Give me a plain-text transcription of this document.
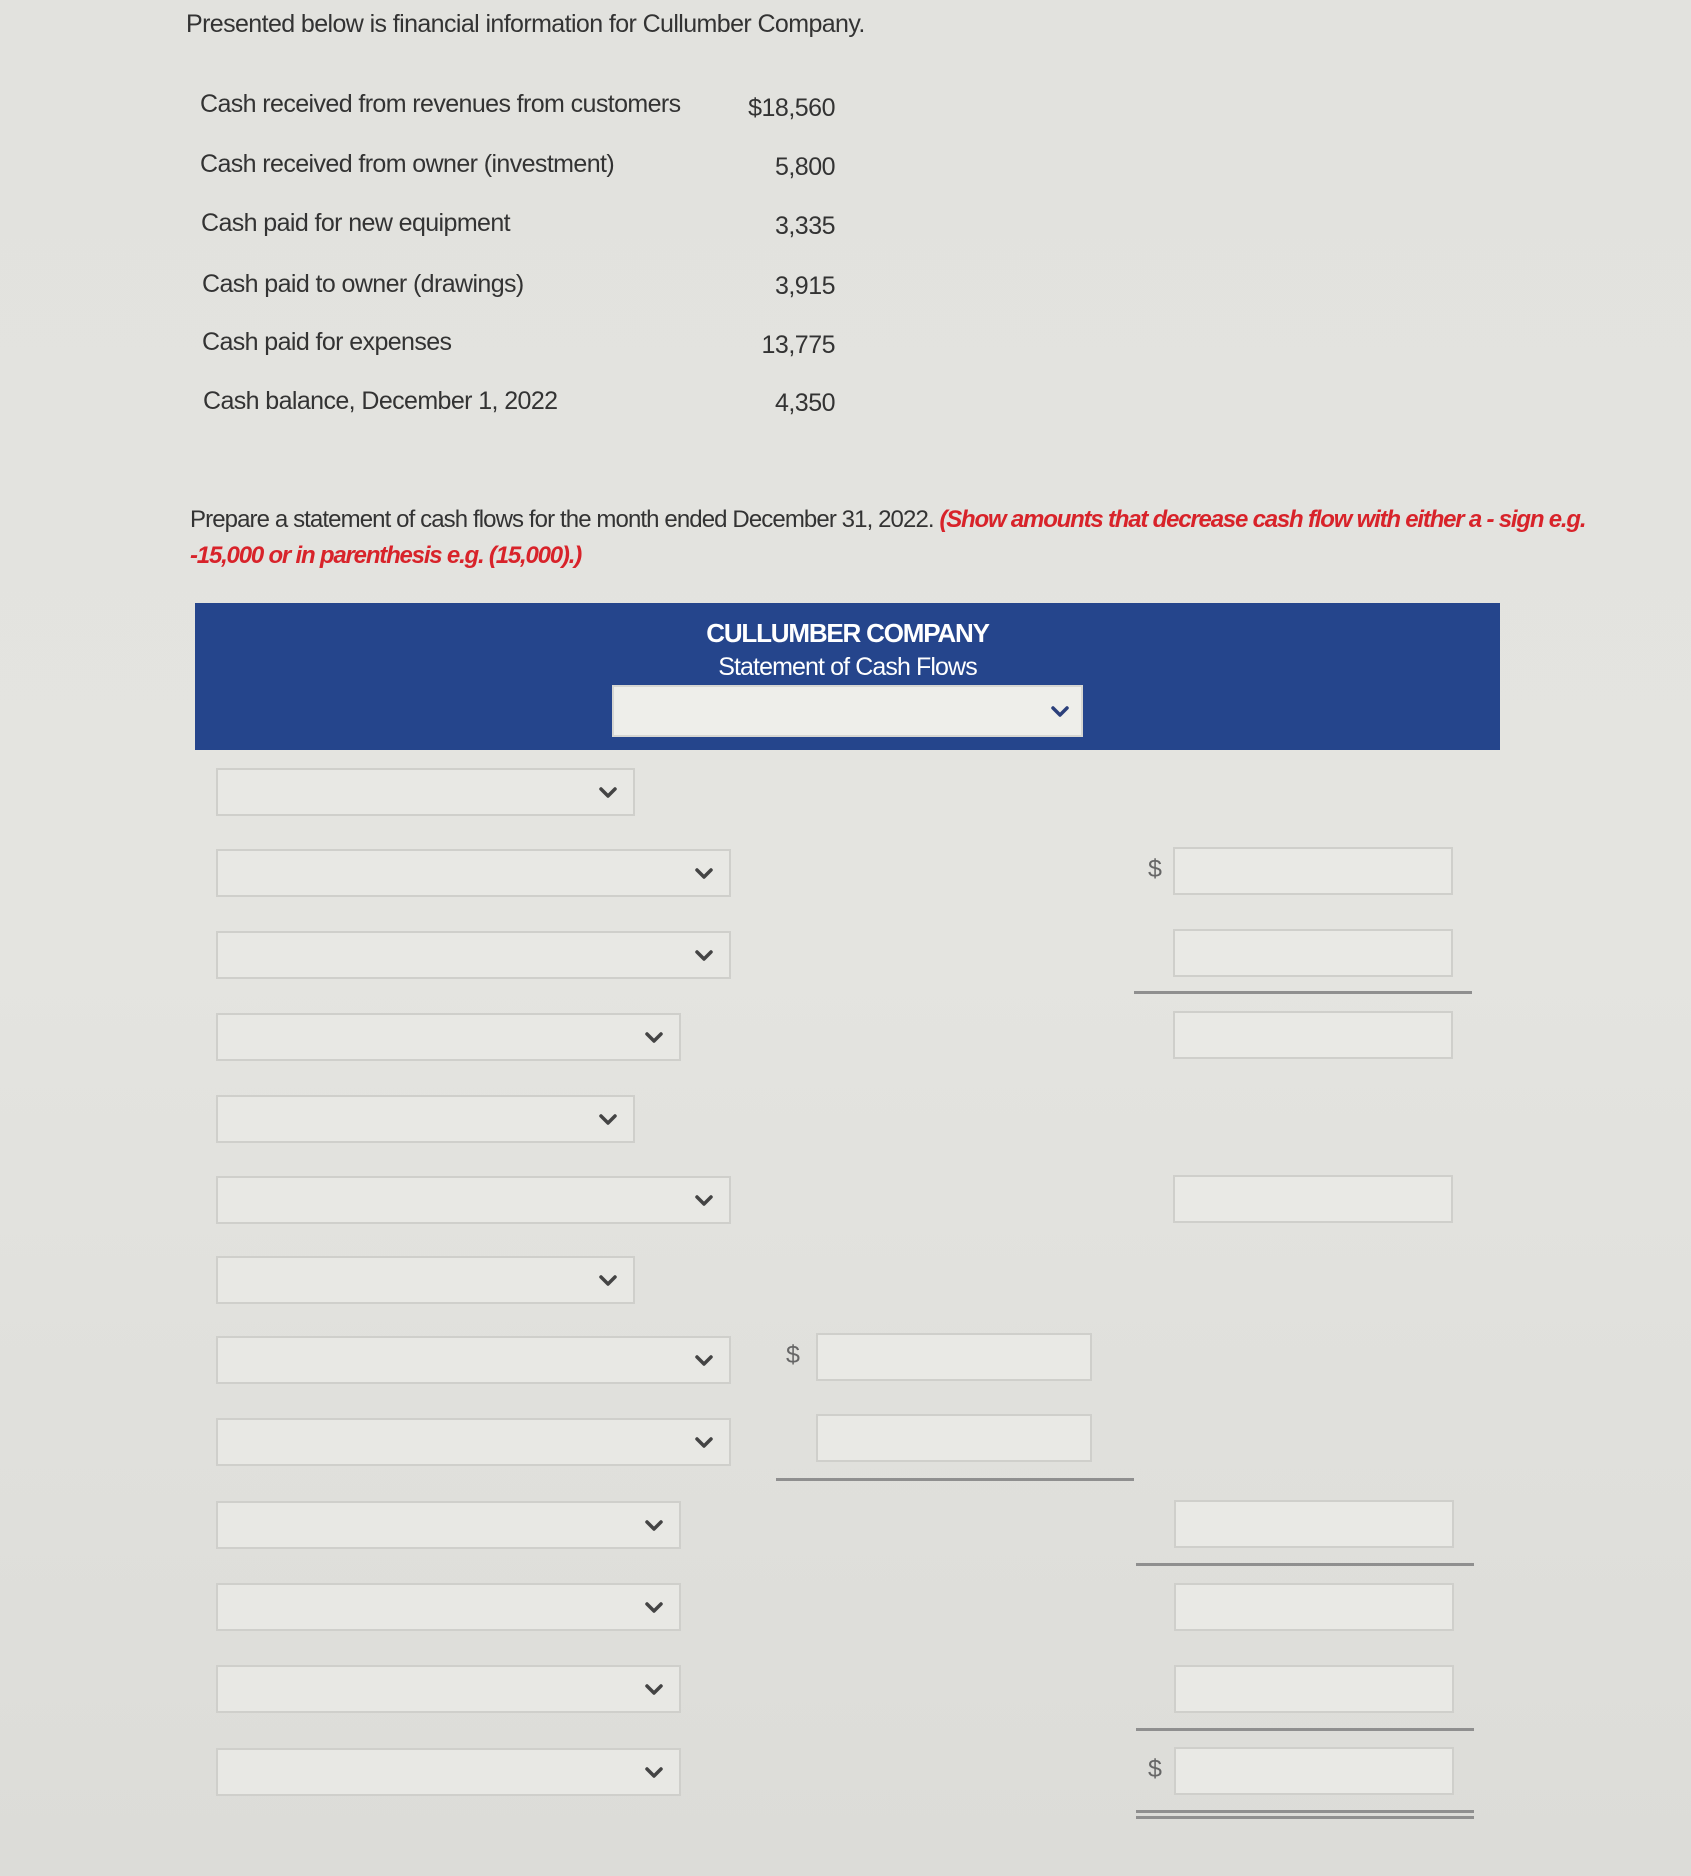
Presented below is financial information for Cullumber Company.
Cash received from revenues from customers	$18,560
Cash received from owner (investment)	5,800
Cash paid for new equipment	3,335
Cash paid to owner (drawings)	3,915
Cash paid for expenses	13,775
Cash balance, December 1, 2022	4,350
Prepare a statement of cash flows for the month ended December 31, 2022. (Show amounts that decrease cash flow with either a - sign e.g. -15,000 or in parenthesis e.g. (15,000).)
CULLUMBER COMPANY
Statement of Cash Flows
$
$
$
